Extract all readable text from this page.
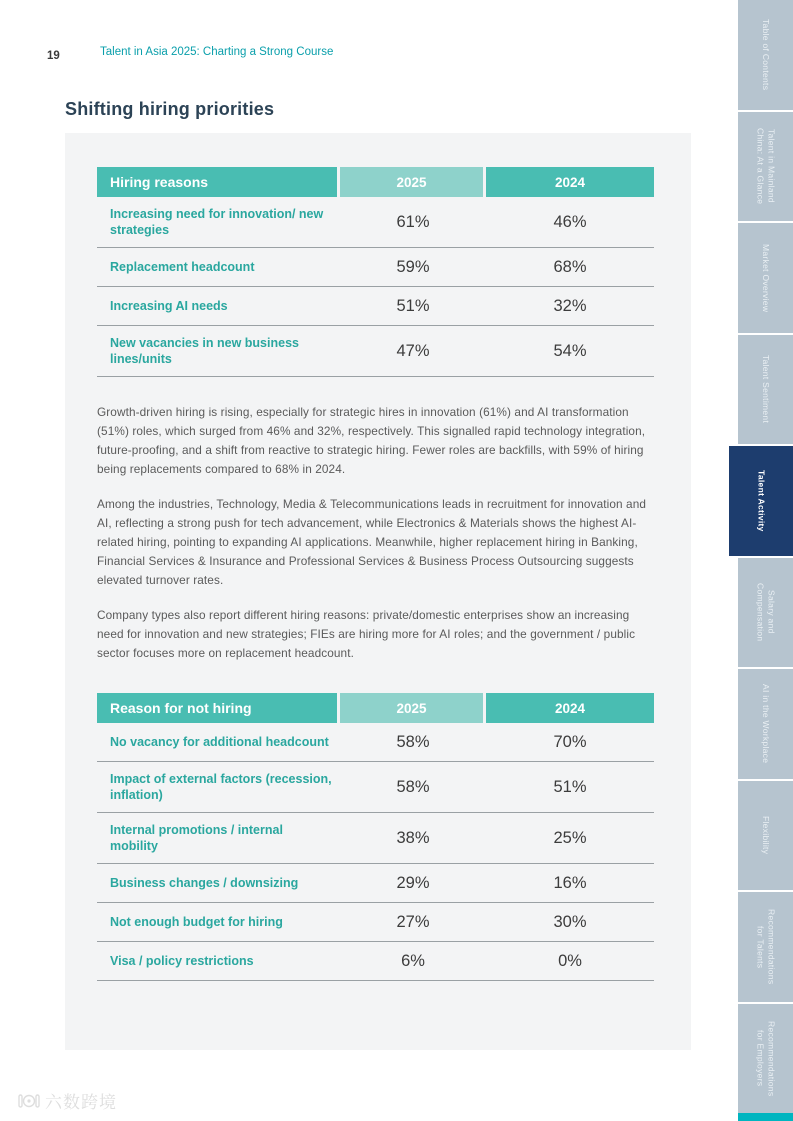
19	Talent in Asia 2025: Charting a Strong Course
Shifting hiring priorities
Hiring reasons	2025	2024
Increasing need for innovation/ new strategies	61%	46%
Replacement headcount	59%	68%
Increasing AI needs	51%	32%
New vacancies in new business lines/units	47%	54%

Growth-driven hiring is rising, especially for strategic hires in innovation (61%) and AI transformation (51%) roles, which surged from 46% and 32%, respectively. This signalled rapid technology integration, future-proofing, and a shift from reactive to strategic hiring. Fewer roles are backfills, with 59% of hiring being replacements compared to 68% in 2024.

Among the industries, Technology, Media & Telecommunications leads in recruitment for innovation and AI, reflecting a strong push for tech advancement, while Electronics & Materials shows the highest AI-related hiring, pointing to expanding AI applications. Meanwhile, higher replacement hiring in Banking, Financial Services & Insurance and Professional Services & Business Process Outsourcing suggests elevated turnover rates.

Company types also report different hiring reasons: private/domestic enterprises show an increasing need for innovation and new strategies; FIEs are hiring more for AI roles; and the government / public sector focuses more on replacement headcount.

Reason for not hiring	2025	2024
No vacancy for additional headcount	58%	70%
Impact of external factors (recession, inflation)	58%	51%
Internal promotions / internal mobility	38%	25%
Business changes / downsizing	29%	16%
Not enough budget for hiring	27%	30%
Visa / policy restrictions	6%	0%
Table of Contents
Talent in Mainland China: At a Glance
Market Overview
Talent Sentiment
Talent Activity
Salary and Compensation
AI in the Workplace
Flexibility
Recommendations for Talents
Recommendations for Employers
六数跨境
